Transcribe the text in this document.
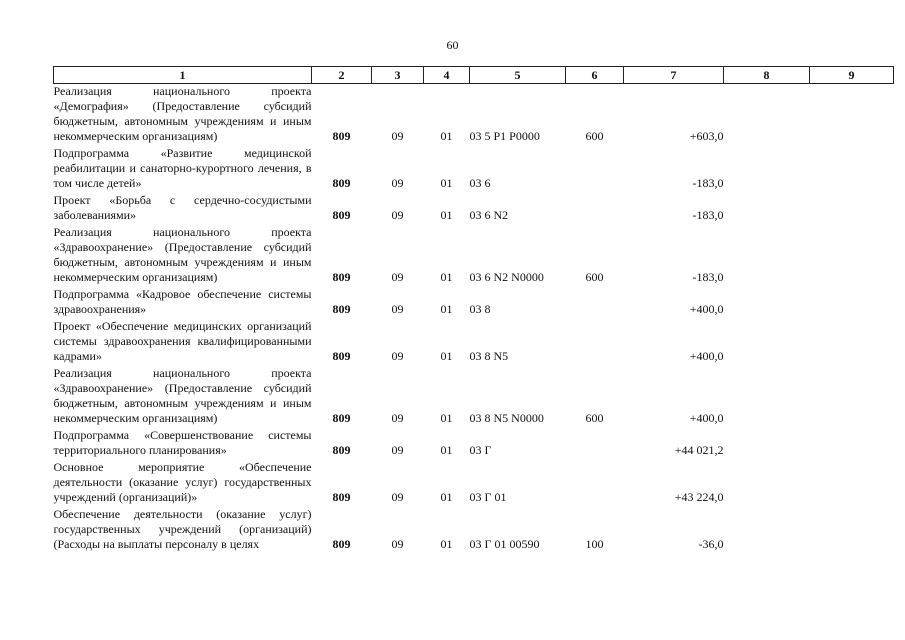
60
1	2	3	4	5	6	7	8	9
Реализация национального проекта «Демография» (Предоставление субсидий бюджетным, автономным учреждениям и иным некоммерческим организациям)	809	09	01	03 5 P1 P0000	600	+603,0		
Подпрограмма «Развитие медицинской реабилитации и санаторно-курортного лечения, в том числе детей»	809	09	01	03 6		-183,0		
Проект «Борьба с сердечно-сосудистыми заболеваниями»	809	09	01	03 6 N2		-183,0		
Реализация национального проекта «Здравоохранение» (Предоставление субсидий бюджетным, автономным учреждениям и иным некоммерческим организациям)	809	09	01	03 6 N2 N0000	600	-183,0		
Подпрограмма «Кадровое обеспечение системы здравоохранения»	809	09	01	03 8		+400,0		
Проект «Обеспечение медицинских организаций системы здравоохранения квалифицированными кадрами»	809	09	01	03 8 N5		+400,0		
Реализация национального проекта «Здравоохранение» (Предоставление субсидий бюджетным, автономным учреждениям и иным некоммерческим организациям)	809	09	01	03 8 N5 N0000	600	+400,0		
Подпрограмма «Совершенствование системы территориального планирования»	809	09	01	03 Г		+44 021,2		
Основное мероприятие «Обеспечение деятельности (оказание услуг) государственных учреждений (организаций)»	809	09	01	03 Г 01		+43 224,0		
Обеспечение деятельности (оказание услуг) государственных учреждений (организаций) (Расходы на выплаты персоналу в целях	809	09	01	03 Г 01 00590	100	-36,0		
